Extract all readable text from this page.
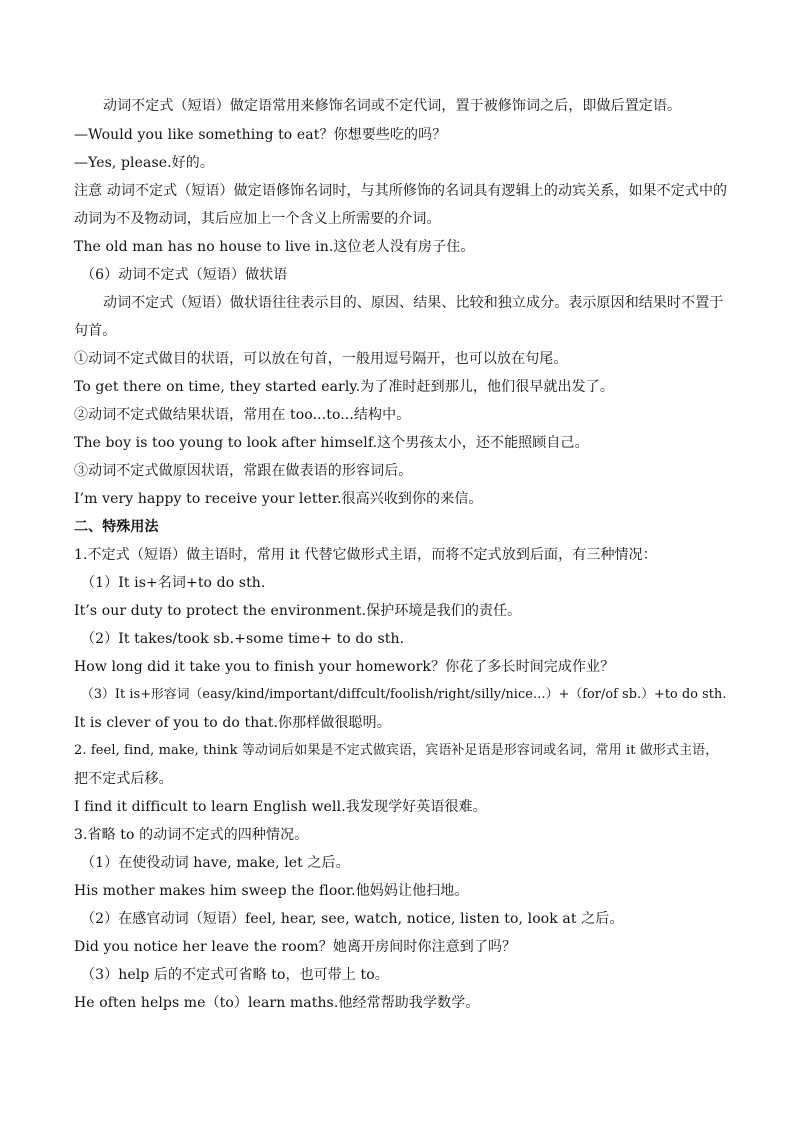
动词不定式（短语）做定语常用来修饰名词或不定代词，置于被修饰词之后，即做后置定语。
—Would you like something to eat？你想要些吃的吗？
—Yes, please.好的。
注意 动词不定式（短语）做定语修饰名词时，与其所修饰的名词具有逻辑上的动宾关系，如果不定式中的
动词为不及物动词，其后应加上一个含义上所需要的介词。
The old man has no house to live in.这位老人没有房子住。
（6）动词不定式（短语）做状语
动词不定式（短语）做状语往往表示目的、原因、结果、比较和独立成分。表示原因和结果时不置于
句首。
①动词不定式做目的状语，可以放在句首，一般用逗号隔开，也可以放在句尾。
To get there on time, they started early.为了准时赶到那儿，他们很早就出发了。
②动词不定式做结果状语，常用在 too...to...结构中。
The boy is too young to look after himself.这个男孩太小，还不能照顾自己。
③动词不定式做原因状语，常跟在做表语的形容词后。
I’m very happy to receive your letter.很高兴收到你的来信。
二、特殊用法
1.不定式（短语）做主语时，常用 it 代替它做形式主语，而将不定式放到后面，有三种情况：
（1）It is+名词+to do sth.
It’s our duty to protect the environment.保护环境是我们的责任。
（2）It takes/took sb.+some time+ to do sth.
How long did it take you to finish your homework？你花了多长时间完成作业？
（3）It is+形容词（easy/kind/important/diffcult/foolish/right/silly/nice…）+（for/of sb.）+to do sth.
It is clever of you to do that.你那样做很聪明。
2. feel, find, make, think 等动词后如果是不定式做宾语，宾语补足语是形容词或名词，常用 it 做形式主语，
把不定式后移。
I find it difficult to learn English well.我发现学好英语很难。
3.省略 to 的动词不定式的四种情况。
（1）在使役动词 have, make, let 之后。
His mother makes him sweep the floor.他妈妈让他扫地。
（2）在感官动词（短语）feel, hear, see, watch, notice, listen to, look at 之后。
Did you notice her leave the room？她离开房间时你注意到了吗？
（3）help 后的不定式可省略 to，也可带上 to。
He often helps me（to）learn maths.他经常帮助我学数学。
